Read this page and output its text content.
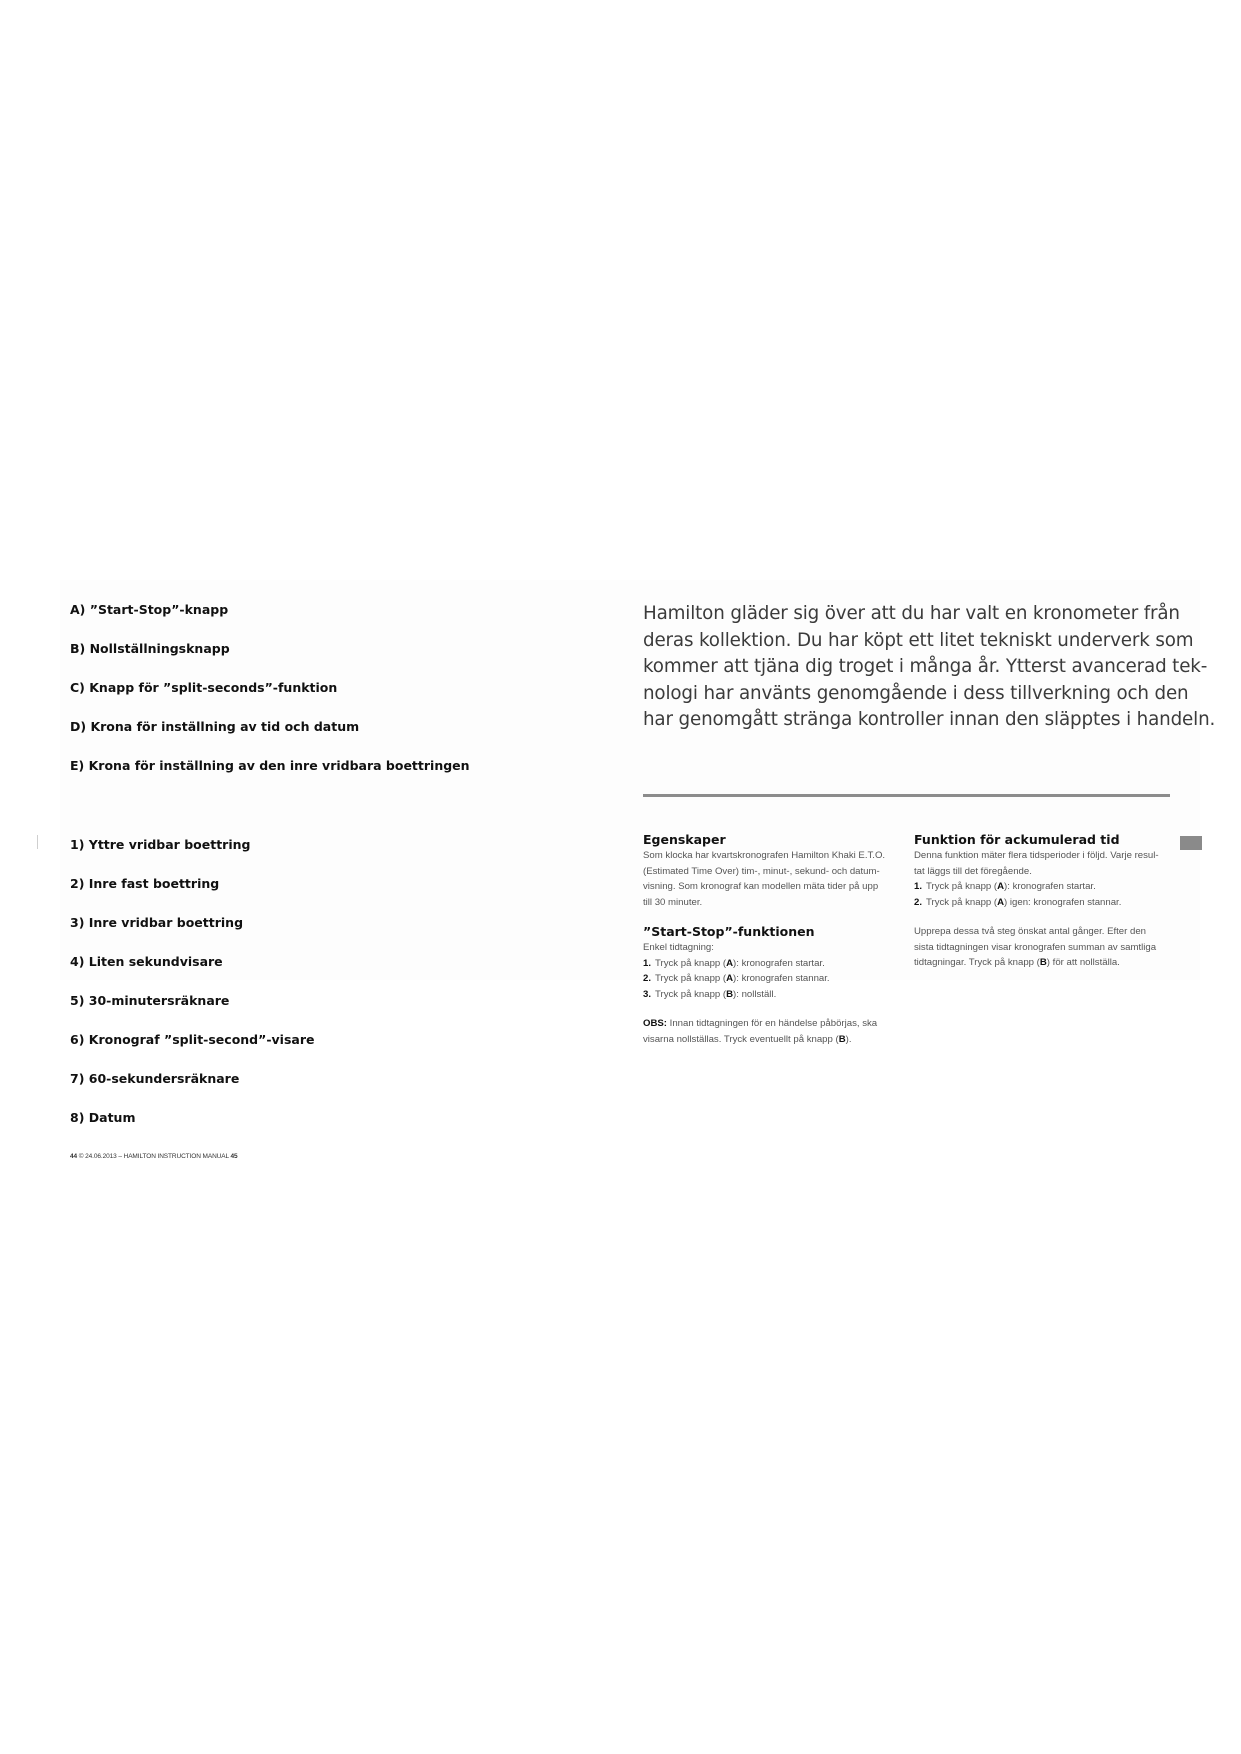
A) ”Start-Stop”-knapp
B) Nollställningsknapp
C) Knapp för ”split-seconds”-funktion
D) Krona för inställning av tid och datum
E) Krona för inställning av den inre vridbara boettringen
1) Yttre vridbar boettring
2) Inre fast boettring
3) Inre vridbar boettring
4) Liten sekundvisare
5) 30-minutersräknare
6) Kronograf ”split-second”-visare
7) 60-sekundersräknare
8) Datum
44 © 24.06.2013 – HAMILTON INSTRUCTION MANUAL 45
Hamilton gläder sig över att du har valt en kronometer från
deras kollektion. Du har köpt ett litet tekniskt underverk som
kommer att tjäna dig troget i många år. Ytterst avancerad tek-
nologi har använts genomgående i dess tillverkning och den
har genomgått stränga kontroller innan den släpptes i handeln.
Egenskaper

Som klocka har kvartskronografen Hamilton Khaki E.T.O.
(Estimated Time Over) tim-, minut-, sekund- och datum-
visning. Som kronograf kan modellen mäta tider på upp
till 30 minuter.

”Start-Stop”-funktionen

Enkel tidtagning:

1. Tryck på knapp (A): kronografen startar.
2. Tryck på knapp (A): kronografen stannar.
3. Tryck på knapp (B): nollställ.

OBS: Innan tidtagningen för en händelse påbörjas, ska
visarna nollställas. Tryck eventuellt på knapp (B).

Funktion för ackumulerad tid

Denna funktion mäter flera tidsperioder i följd. Varje resul-
tat läggs till det föregående.

1. Tryck på knapp (A): kronografen startar.
2. Tryck på knapp (A) igen: kronografen stannar.

Upprepa dessa två steg önskat antal gånger. Efter den
sista tidtagningen visar kronografen summan av samtliga
tidtagningar. Tryck på knapp (B) för att nollställa.
